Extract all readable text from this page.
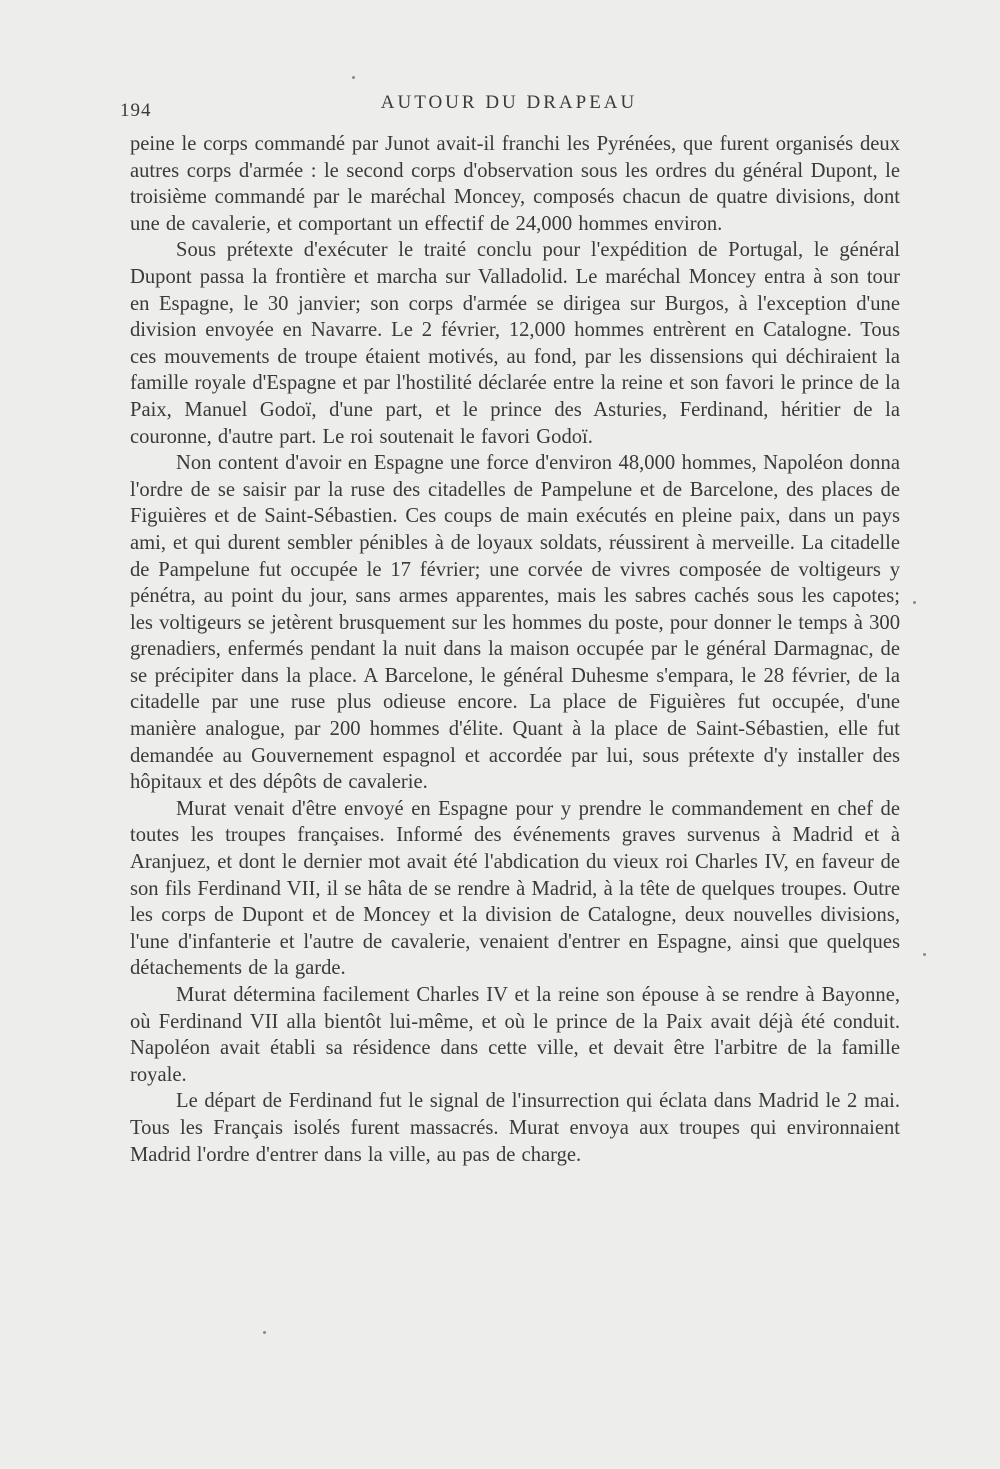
194	AUTOUR DU DRAPEAU

peine le corps commandé par Junot avait-il franchi les Pyrénées, que furent organisés deux autres corps d'armée : le second corps d'observation sous les ordres du général Dupont, le troisième commandé par le maréchal Moncey, composés chacun de quatre divisions, dont une de cavalerie, et comportant un effectif de 24,000 hommes environ.

Sous prétexte d'exécuter le traité conclu pour l'expédition de Portugal, le général Dupont passa la frontière et marcha sur Valladolid. Le maréchal Moncey entra à son tour en Espagne, le 30 janvier; son corps d'armée se dirigea sur Burgos, à l'exception d'une division envoyée en Navarre. Le 2 février, 12,000 hommes entrèrent en Catalogne. Tous ces mouvements de troupe étaient motivés, au fond, par les dissensions qui déchiraient la famille royale d'Espagne et par l'hostilité déclarée entre la reine et son favori le prince de la Paix, Manuel Godoï, d'une part, et le prince des Asturies, Ferdinand, héritier de la couronne, d'autre part. Le roi soutenait le favori Godoï.

Non content d'avoir en Espagne une force d'environ 48,000 hommes, Napoléon donna l'ordre de se saisir par la ruse des citadelles de Pampelune et de Barcelone, des places de Figuières et de Saint-Sébastien. Ces coups de main exécutés en pleine paix, dans un pays ami, et qui durent sembler pénibles à de loyaux soldats, réussirent à merveille. La citadelle de Pampelune fut occupée le 17 février; une corvée de vivres composée de voltigeurs y pénétra, au point du jour, sans armes apparentes, mais les sabres cachés sous les capotes; les voltigeurs se jetèrent brusquement sur les hommes du poste, pour donner le temps à 300 grenadiers, enfermés pendant la nuit dans la maison occupée par le général Darmagnac, de se précipiter dans la place. A Barcelone, le général Duhesme s'empara, le 28 février, de la citadelle par une ruse plus odieuse encore. La place de Figuières fut occupée, d'une manière analogue, par 200 hommes d'élite. Quant à la place de Saint-Sébastien, elle fut demandée au Gouvernement espagnol et accordée par lui, sous prétexte d'y installer des hôpitaux et des dépôts de cavalerie.

Murat venait d'être envoyé en Espagne pour y prendre le commandement en chef de toutes les troupes françaises. Informé des événements graves survenus à Madrid et à Aranjuez, et dont le dernier mot avait été l'abdication du vieux roi Charles IV, en faveur de son fils Ferdinand VII, il se hâta de se rendre à Madrid, à la tête de quelques troupes. Outre les corps de Dupont et de Moncey et la division de Catalogne, deux nouvelles divisions, l'une d'infanterie et l'autre de cavalerie, venaient d'entrer en Espagne, ainsi que quelques détachements de la garde.

Murat détermina facilement Charles IV et la reine son épouse à se rendre à Bayonne, où Ferdinand VII alla bientôt lui-même, et où le prince de la Paix avait déjà été conduit. Napoléon avait établi sa résidence dans cette ville, et devait être l'arbitre de la famille royale.

Le départ de Ferdinand fut le signal de l'insurrection qui éclata dans Madrid le 2 mai. Tous les Français isolés furent massacrés. Murat envoya aux troupes qui environnaient Madrid l'ordre d'entrer dans la ville, au pas de charge.
